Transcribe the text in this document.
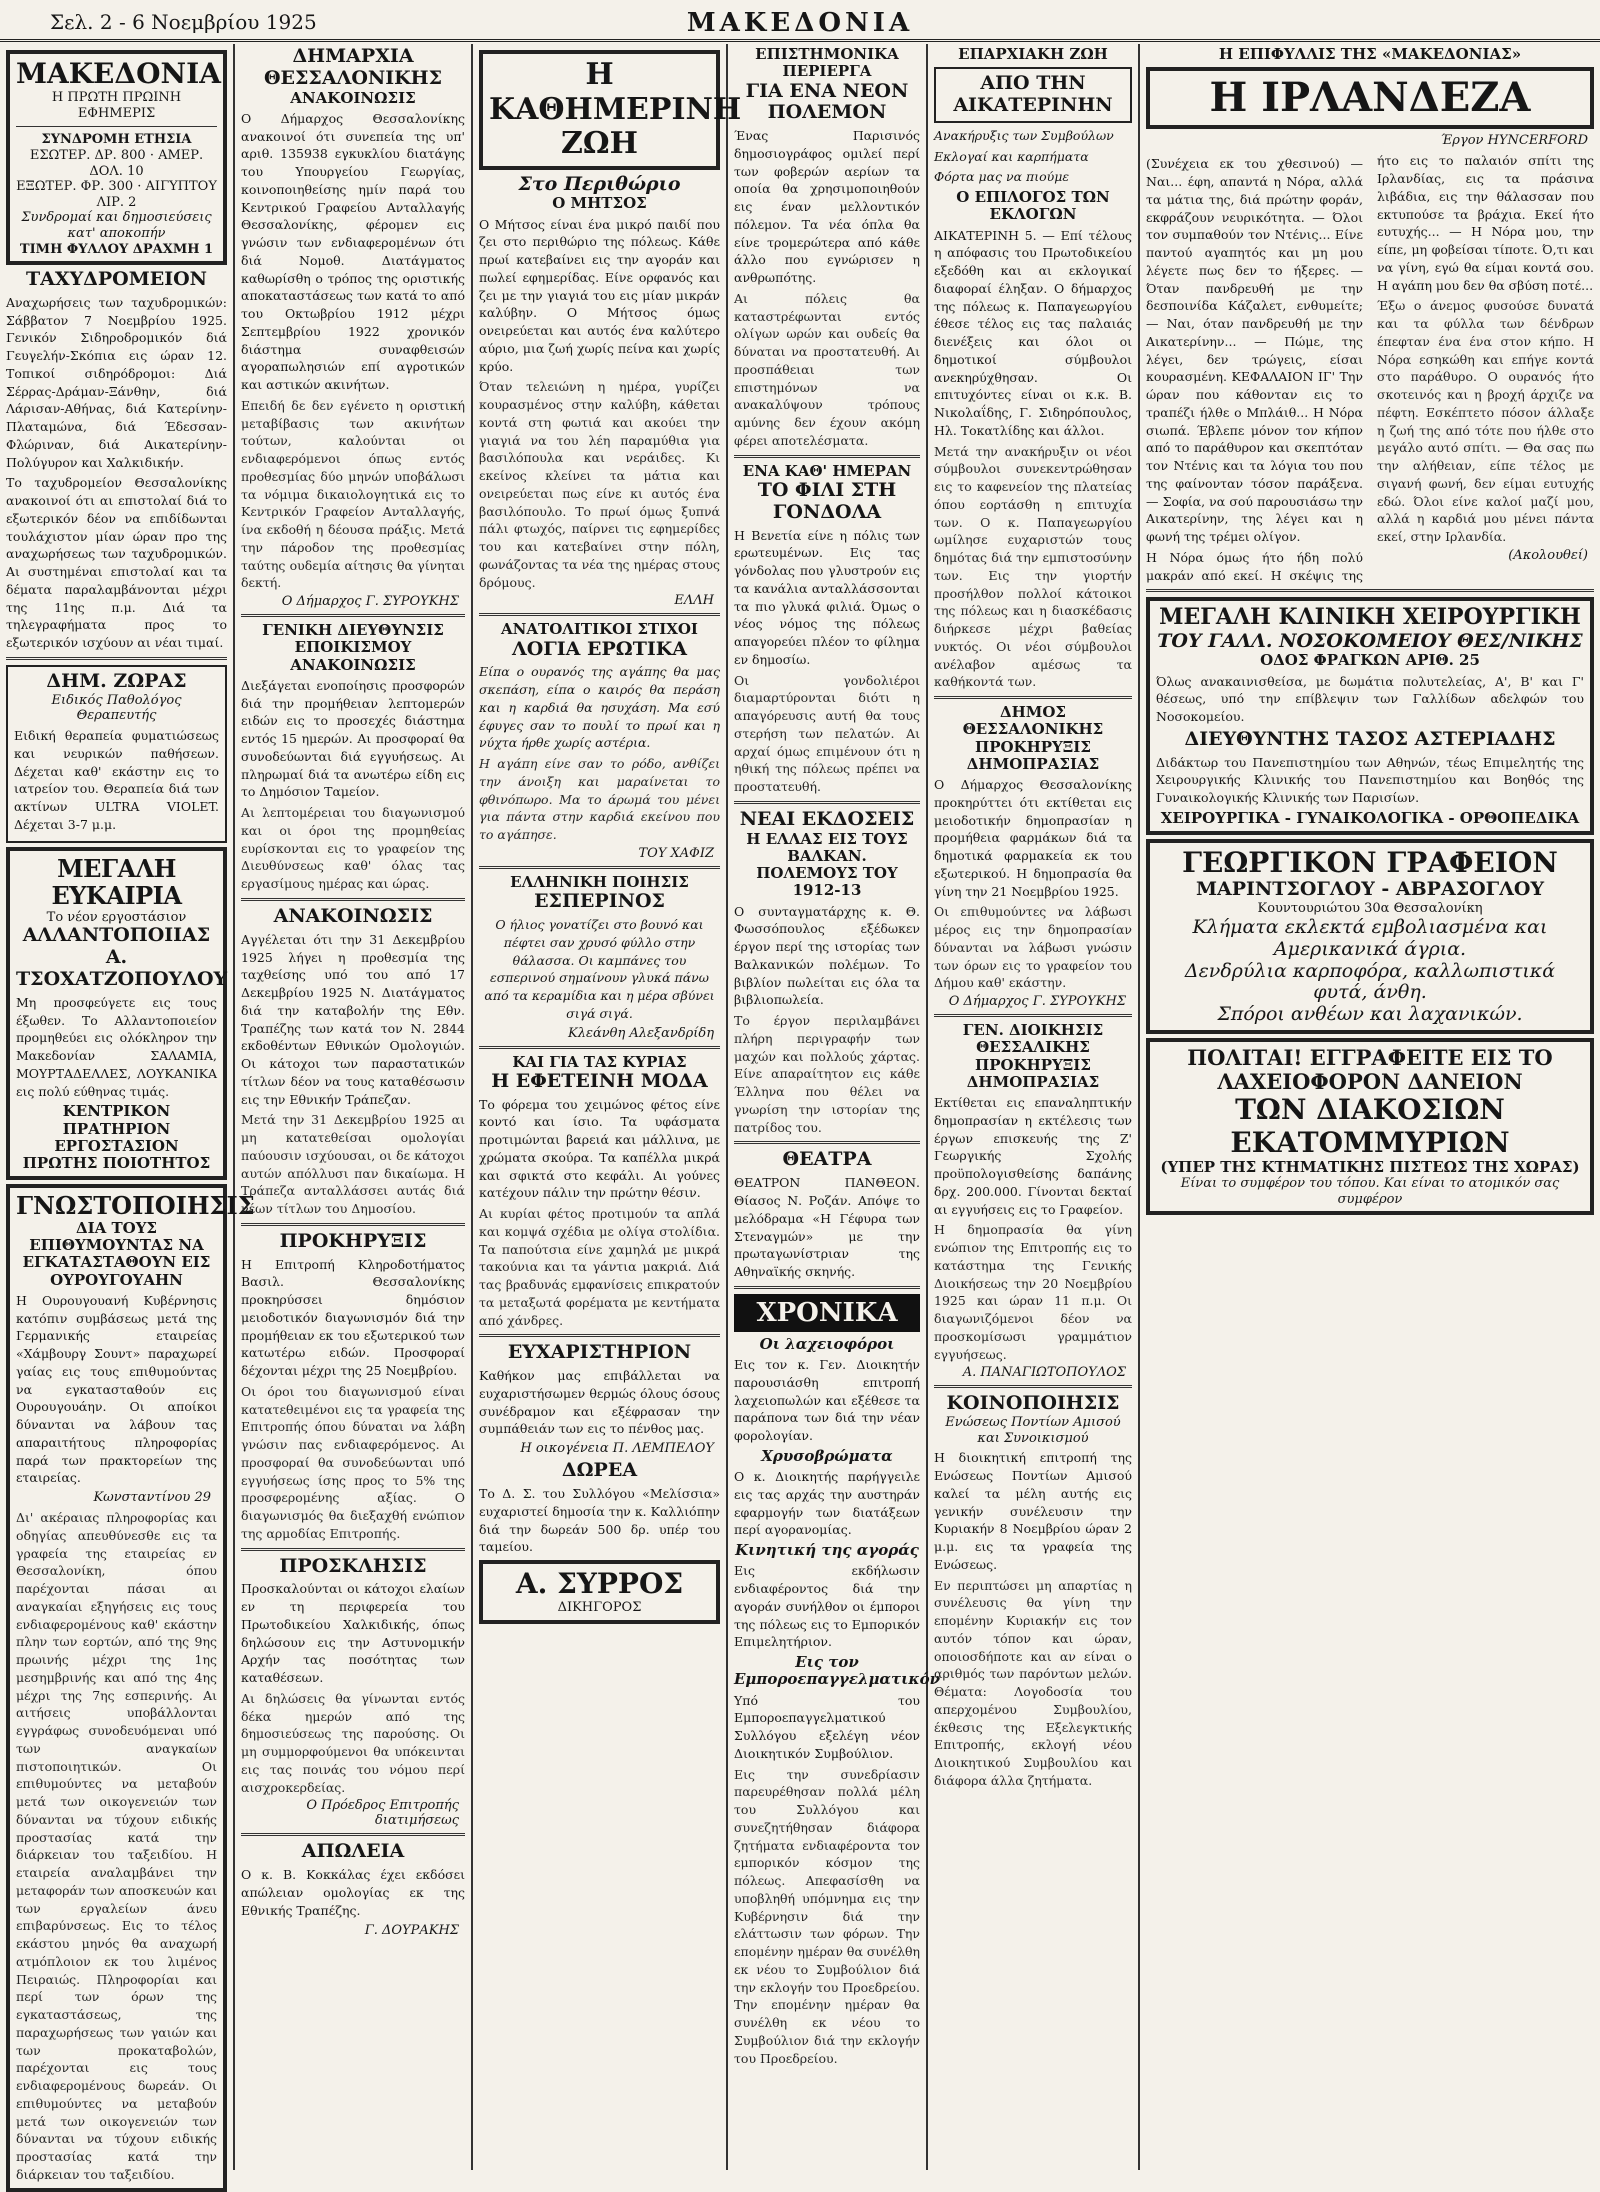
Σελ. 2 - 6 Νοεμβρίου 1925	ΜΑΚΕΔΟΝΙΑ
ΜΑΚΕΔΟΝΙΑ
Η ΠΡΩΤΗ ΠΡΩΙΝΗ ΕΦΗΜΕΡΙΣ
ΣΥΝΔΡΟΜΗ ΕΤΗΣΙΑ
ΕΣΩΤΕΡ. ΔΡ. 800 · ΑΜΕΡ. ΔΟΛ. 10
ΕΞΩΤΕΡ. ΦΡ. 300 · ΑΙΓΥΠΤΟΥ ΛΙΡ. 2
Συνδρομαί και δημοσιεύσεις κατ' αποκοπήν
ΤΙΜΗ ΦΥΛΛΟΥ ΔΡΑΧΜΗ 1
ΤΑΧΥΔΡΟΜΕΙΟΝ
Αναχωρήσεις των ταχυδρομικών: Σάββατον 7 Νοεμβρίου 1925. Γενικόν Σιδηροδρομικόν διά Γευγελήν-Σκόπια εις ώραν 12. Τοπικοί σιδηρόδρομοι: Διά Σέρρας-Δράμαν-Ξάνθην, διά Λάρισαν-Αθήνας, διά Κατερίνην-Πλαταμώνα, διά Έδεσσαν-Φλώριναν, διά Αικατερίνην-Πολύγυρον και Χαλκιδικήν.
Το ταχυδρομείον Θεσσαλονίκης ανακοινοί ότι αι επιστολαί διά το εξωτερικόν δέον να επιδίδωνται τουλάχιστον μίαν ώραν προ της αναχωρήσεως των ταχυδρομικών. Αι συστημέναι επιστολαί και τα δέματα παραλαμβάνονται μέχρι της 11ης π.μ. Διά τα τηλεγραφήματα προς το εξωτερικόν ισχύουν αι νέαι τιμαί.
ΔΗΜ. ΖΩΡΑΣ
Ειδικός Παθολόγος Θεραπευτής
Ειδική θεραπεία φυματιώσεως και νευρικών παθήσεων. Δέχεται καθ' εκάστην εις το ιατρείον του. Θεραπεία διά των ακτίνων ULTRA VIOLET. Δέχεται 3-7 μ.μ.
ΜΕΓΑΛΗ ΕΥΚΑΙΡΙΑ
Το νέον εργοστάσιον
ΑΛΛΑΝΤΟΠΟΙΙΑΣ Α. ΤΣΟΧΑΤΖΟΠΟΥΛΟΥ
Μη προσφεύγετε εις τους έξωθεν. Το Αλλαντοποιείον προμηθεύει εις ολόκληρον την Μακεδονίαν ΣΑΛΑΜΙΑ, ΜΟΥΡΤΑΔΕΛΛΕΣ, ΛΟΥΚΑΝΙΚΑ εις πολύ εύθηνας τιμάς.
ΚΕΝΤΡΙΚΟΝ ΠΡΑΤΗΡΙΟΝ
ΕΡΓΟΣΤΑΣΙΟΝ
ΠΡΩΤΗΣ ΠΟΙΟΤΗΤΟΣ
ΓΝΩΣΤΟΠΟΙΗΣΙΣ
ΔΙΑ ΤΟΥΣ ΕΠΙΘΥΜΟΥΝΤΑΣ ΝΑ ΕΓΚΑΤΑΣΤΑΘΟΥΝ ΕΙΣ ΟΥΡΟΥΓΟΥΑΗΝ
Η Ουρουγουανή Κυβέρνησις κατόπιν συμβάσεως μετά της Γερμανικής εταιρείας «Χάμβουργ Σουντ» παραχωρεί γαίας εις τους επιθυμούντας να εγκατασταθούν εις Ουρουγουάην. Οι αποίκοι δύνανται να λάβουν τας απαραιτήτους πληροφορίας παρά των πρακτορείων της εταιρείας.
Κωνσταντίνου 29
Δι' ακέραιας πληροφορίας και οδηγίας απευθύνεσθε εις τα γραφεία της εταιρείας εν Θεσσαλονίκη, όπου παρέχονται πάσαι αι αναγκαίαι εξηγήσεις εις τους ενδιαφερομένους καθ' εκάστην πλην των εορτών, από της 9ης πρωινής μέχρι της 1ης μεσημβρινής και από της 4ης μέχρι της 7ης εσπερινής. Αι αιτήσεις υποβάλλονται εγγράφως συνοδευόμεναι υπό των αναγκαίων πιστοποιητικών. Οι επιθυμούντες να μεταβούν μετά των οικογενειών των δύνανται να τύχουν ειδικής προστασίας κατά την διάρκειαν του ταξειδίου. Η εταιρεία αναλαμβάνει την μεταφοράν των αποσκευών και των εργαλείων άνευ επιβαρύνσεως. Εις το τέλος εκάστου μηνός θα αναχωρή ατμόπλοιον εκ του λιμένος Πειραιώς. Πληροφορίαι και περί των όρων της εγκαταστάσεως, της παραχωρήσεως των γαιών και των προκαταβολών, παρέχονται εις τους ενδιαφερομένους δωρεάν. Οι επιθυμούντες να μεταβούν μετά των οικογενειών των δύνανται να τύχουν ειδικής προστασίας κατά την διάρκειαν του ταξειδίου.
ΔΗΜΑΡΧΙΑ ΘΕΣΣΑΛΟΝΙΚΗΣ
ΑΝΑΚΟΙΝΩΣΙΣ
Ο Δήμαρχος Θεσσαλονίκης ανακοινοί ότι συνεπεία της υπ' αριθ. 135938 εγκυκλίου διατάγης του Υπουργείου Γεωργίας, κοινοποιηθείσης ημίν παρά του Κεντρικού Γραφείου Ανταλλαγής Θεσσαλονίκης, φέρομεν εις γνώσιν των ενδιαφερομένων ότι διά Νομοθ. Διατάγματος καθωρίσθη ο τρόπος της οριστικής αποκαταστάσεως των κατά το από του Οκτωβρίου 1912 μέχρι Σεπτεμβρίου 1922 χρονικόν διάστημα συναφθεισών αγοραπωλησιών επί αγροτικών και αστικών ακινήτων.
Επειδή δε δεν εγένετο η οριστική μεταβίβασις των ακινήτων τούτων, καλούνται οι ενδιαφερόμενοι όπως εντός προθεσμίας δύο μηνών υποβάλωσι τα νόμιμα δικαιολογητικά εις το Κεντρικόν Γραφείον Ανταλλαγής, ίνα εκδοθή η δέουσα πράξις. Μετά την πάροδον της προθεσμίας ταύτης ουδεμία αίτησις θα γίνηται δεκτή.
Ο Δήμαρχος Γ. ΣΥΡΟΥΚΗΣ
ΓΕΝΙΚΗ ΔΙΕΥΘΥΝΣΙΣ ΕΠΟΙΚΙΣΜΟΥ
ΑΝΑΚΟΙΝΩΣΙΣ
Διεξάγεται ενοποίησις προσφορών διά την προμήθειαν λεπτομερών ειδών εις το προσεχές διάστημα εντός 15 ημερών. Αι προσφοραί θα συνοδεύωνται διά εγγυήσεως. Αι πληρωμαί διά τα ανωτέρω είδη εις το Δημόσιον Ταμείον.
Αι λεπτομέρειαι του διαγωνισμού και οι όροι της προμηθείας ευρίσκονται εις το γραφείον της Διευθύνσεως καθ' όλας τας εργασίμους ημέρας και ώρας.
ΑΝΑΚΟΙΝΩΣΙΣ
Αγγέλεται ότι την 31 Δεκεμβρίου 1925 λήγει η προθεσμία της ταχθείσης υπό του από 17 Δεκεμβρίου 1925 Ν. Διατάγματος διά την καταβολήν της Εθν. Τραπέζης των κατά τον Ν. 2844 εκδοθέντων Εθνικών Ομολογιών. Οι κάτοχοι των παραστατικών τίτλων δέον να τους καταθέσωσιν εις την Εθνικήν Τράπεζαν.
Μετά την 31 Δεκεμβρίου 1925 αι μη κατατεθείσαι ομολογίαι παύουσιν ισχύουσαι, οι δε κάτοχοι αυτών απόλλυσι παν δικαίωμα. Η Τράπεζα ανταλλάσσει αυτάς διά νέων τίτλων του Δημοσίου.
ΠΡΟΚΗΡΥΞΙΣ
Η Επιτροπή Κληροδοτήματος Βασιλ. Θεσσαλονίκης προκηρύσσει δημόσιον μειοδοτικόν διαγωνισμόν διά την προμήθειαν εκ του εξωτερικού των κατωτέρω ειδών. Προσφοραί δέχονται μέχρι της 25 Νοεμβρίου.
Οι όροι του διαγωνισμού είναι κατατεθειμένοι εις τα γραφεία της Επιτροπής όπου δύναται να λάβη γνώσιν πας ενδιαφερόμενος. Αι προσφοραί θα συνοδεύωνται υπό εγγυήσεως ίσης προς το 5% της προσφερομένης αξίας. Ο διαγωνισμός θα διεξαχθή ενώπιον της αρμοδίας Επιτροπής.
ΠΡΟΣΚΛΗΣΙΣ
Προσκαλούνται οι κάτοχοι ελαίων εν τη περιφερεία του Πρωτοδικείου Χαλκιδικής, όπως δηλώσουν εις την Αστυνομικήν Αρχήν τας ποσότητας των καταθέσεων.
Αι δηλώσεις θα γίνωνται εντός δέκα ημερών από της δημοσιεύσεως της παρούσης. Οι μη συμμορφούμενοι θα υπόκεινται εις τας ποινάς του νόμου περί αισχροκερδείας.
Ο Πρόεδρος Επιτροπής διατιμήσεως
ΑΠΩΛΕΙΑ
Ο κ. Β. Κοκκάλας έχει εκδόσει απώλειαν ομολογίας εκ της Εθνικής Τραπέζης.
Γ. ΔΟΥΡΑΚΗΣ
Η ΚΑΘΗΜΕΡΙΝΗ ΖΩΗ
Στο Περιθώριο
Ο ΜΗΤΣΟΣ
Ο Μήτσος είναι ένα μικρό παιδί που ζει στο περιθώριο της πόλεως. Κάθε πρωί κατεβαίνει εις την αγοράν και πωλεί εφημερίδας. Είνε ορφανός και ζει με την γιαγιά του εις μίαν μικράν καλύβην. Ο Μήτσος όμως ονειρεύεται και αυτός ένα καλύτερο αύριο, μια ζωή χωρίς πείνα και χωρίς κρύο.
Όταν τελειώνη η ημέρα, γυρίζει κουρασμένος στην καλύβη, κάθεται κοντά στη φωτιά και ακούει την γιαγιά να του λέη παραμύθια για βασιλόπουλα και νεράιδες. Κι εκείνος κλείνει τα μάτια και ονειρεύεται πως είνε κι αυτός ένα βασιλόπουλο. Το πρωί όμως ξυπνά πάλι φτωχός, παίρνει τις εφημερίδες του και κατεβαίνει στην πόλη, φωνάζοντας τα νέα της ημέρας στους δρόμους.
ΕΛΛΗ
ΑΝΑΤΟΛΙΤΙΚΟΙ ΣΤΙΧΟΙ
ΛΟΓΙΑ ΕΡΩΤΙΚΑ
Είπα ο ουρανός της αγάπης θα μας σκεπάση, είπα ο καιρός θα περάση και η καρδιά θα ησυχάση. Μα εσύ έφυγες σαν το πουλί το πρωί και η νύχτα ήρθε χωρίς αστέρια.
Η αγάπη είνε σαν το ρόδο, ανθίζει την άνοιξη και μαραίνεται το φθινόπωρο. Μα το άρωμά του μένει για πάντα στην καρδιά εκείνου που το αγάπησε.
ΤΟΥ ΧΑΦΙΖ
ΕΛΛΗΝΙΚΗ ΠΟΙΗΣΙΣ
ΕΣΠΕΡΙΝΟΣ
Ο ήλιος γονατίζει στο βουνό και πέφτει σαν χρυσό φύλλο στην θάλασσα. Οι καμπάνες του εσπερινού σημαίνουν γλυκά πάνω από τα κεραμίδια και η μέρα σβύνει σιγά σιγά.
Κλεάνθη Αλεξανδρίδη
ΚΑΙ ΓΙΑ ΤΑΣ ΚΥΡΙΑΣ
Η ΕΦΕΤΕΙΝΗ ΜΟΔΑ
Το φόρεμα του χειμώνος φέτος είνε κοντό και ίσιο. Τα υφάσματα προτιμώνται βαρειά και μάλλινα, με χρώματα σκούρα. Τα καπέλλα μικρά και σφικτά στο κεφάλι. Αι γούνες κατέχουν πάλιν την πρώτην θέσιν.
Αι κυρίαι φέτος προτιμούν τα απλά και κομψά σχέδια με ολίγα στολίδια. Τα παπούτσια είνε χαμηλά με μικρά τακούνια και τα γάντια μακριά. Διά τας βραδυνάς εμφανίσεις επικρατούν τα μεταξωτά φορέματα με κεντήματα από χάνδρες.
ΕΥΧΑΡΙΣΤΗΡΙΟΝ
Καθήκον μας επιβάλλεται να ευχαριστήσωμεν θερμώς όλους όσους συνέδραμον και εξέφρασαν την συμπάθειάν των εις το πένθος μας.
Η οικογένεια Π. ΛΕΜΠΕΛΟΥ
ΔΩΡΕΑ
Το Δ. Σ. του Συλλόγου «Μελίσσια» ευχαριστεί δημοσία την κ. Καλλιόπην διά την δωρεάν 500 δρ. υπέρ του ταμείου.
Α. ΣΥΡΡΟΣ
ΔΙΚΗΓΟΡΟΣ
ΕΠΙΣΤΗΜΟΝΙΚΑ ΠΕΡΙΕΡΓΑ
ΓΙΑ ΕΝΑ ΝΕΟΝ ΠΟΛΕΜΟΝ
Ένας Παρισινός δημοσιογράφος ομιλεί περί των φοβερών αερίων τα οποία θα χρησιμοποιηθούν εις έναν μελλοντικόν πόλεμον. Τα νέα όπλα θα είνε τρομερώτερα από κάθε άλλο που εγνώρισεν η ανθρωπότης.
Αι πόλεις θα καταστρέφωνται εντός ολίγων ωρών και ουδείς θα δύναται να προστατευθή. Αι προσπάθειαι των επιστημόνων να ανακαλύψουν τρόπους αμύνης δεν έχουν ακόμη φέρει αποτελέσματα.
ΕΝΑ ΚΑΘ' ΗΜΕΡΑΝ
ΤΟ ΦΙΛΙ ΣΤΗ ΓΟΝΔΟΛΑ
Η Βενετία είνε η πόλις των ερωτευμένων. Εις τας γόνδολας που γλυστρούν εις τα κανάλια ανταλλάσσονται τα πιο γλυκά φιλιά. Όμως ο νέος νόμος της πόλεως απαγορεύει πλέον το φίλημα εν δημοσίω.
Οι γονδολιέροι διαμαρτύρονται διότι η απαγόρευσις αυτή θα τους στερήση των πελατών. Αι αρχαί όμως επιμένουν ότι η ηθική της πόλεως πρέπει να προστατευθή.
ΝΕΑΙ ΕΚΔΟΣΕΙΣ
Η ΕΛΛΑΣ ΕΙΣ ΤΟΥΣ ΒΑΛΚΑΝ. ΠΟΛΕΜΟΥΣ ΤΟΥ 1912-13
Ο συνταγματάρχης κ. Θ. Φωσσόπουλος εξέδωκεν έργον περί της ιστορίας των Βαλκανικών πολέμων. Το βιβλίον πωλείται εις όλα τα βιβλιοπωλεία.
Το έργον περιλαμβάνει πλήρη περιγραφήν των μαχών και πολλούς χάρτας. Είνε απαραίτητον εις κάθε Έλληνα που θέλει να γνωρίση την ιστορίαν της πατρίδος του.
ΘΕΑΤΡΑ
ΘΕΑΤΡΟΝ ΠΑΝΘΕΟΝ. Θίασος Ν. Ροζάν. Απόψε το μελόδραμα «Η Γέφυρα των Στεναγμών» με την πρωταγωνίστριαν της Αθηναϊκής σκηνής.
ΧΡΟΝΙΚΑ
Οι λαχειοφόροι
Εις τον κ. Γεν. Διοικητήν παρουσιάσθη επιτροπή λαχειοπωλών και εξέθεσε τα παράπονα των διά την νέαν φορολογίαν.
Χρυσοβρώματα
Ο κ. Διοικητής παρήγγειλε εις τας αρχάς την αυστηράν εφαρμογήν των διατάξεων περί αγορανομίας.
Κινητική της αγοράς
Εις εκδήλωσιν ενδιαφέροντος διά την αγοράν συνήλθον οι έμποροι της πόλεως εις το Εμπορικόν Επιμελητήριον.
Εις τον Εμποροεπαγγελματικόν
Υπό του Εμποροεπαγγελματικού Συλλόγου εξελέγη νέον Διοικητικόν Συμβούλιον.
Εις την συνεδρίασιν παρευρέθησαν πολλά μέλη του Συλλόγου και συνεζητήθησαν διάφορα ζητήματα ενδιαφέροντα τον εμπορικόν κόσμον της πόλεως. Απεφασίσθη να υποβληθή υπόμνημα εις την Κυβέρνησιν διά την ελάττωσιν των φόρων. Την επομένην ημέραν θα συνέλθη εκ νέου το Συμβούλιον διά την εκλογήν του Προεδρείου. Την επομένην ημέραν θα συνέλθη εκ νέου το Συμβούλιον διά την εκλογήν του Προεδρείου.
ΕΠΑΡΧΙΑΚΗ ΖΩΗ
ΑΠΟ ΤΗΝ ΑΙΚΑΤΕΡΙΝΗΝ
Ανακήρυξις των Συμβούλων
Εκλογαί και καρπήματα
Φόρτα μας να πιούμε
Ο ΕΠΙΛΟΓΟΣ ΤΩΝ ΕΚΛΟΓΩΝ
ΑΙΚΑΤΕΡΙΝΗ 5. — Επί τέλους η απόφασις του Πρωτοδικείου εξεδόθη και αι εκλογικαί διαφοραί έληξαν. Ο δήμαρχος της πόλεως κ. Παπαγεωργίου έθεσε τέλος εις τας παλαιάς διενέξεις και όλοι οι δημοτικοί σύμβουλοι ανεκηρύχθησαν. Οι επιτυχόντες είναι οι κ.κ. Β. Νικολαΐδης, Γ. Σιδηρόπουλος, Ηλ. Τοκατλίδης και άλλοι.
Μετά την ανακήρυξιν οι νέοι σύμβουλοι συνεκεντρώθησαν εις το καφενείον της πλατείας όπου εορτάσθη η επιτυχία των. Ο κ. Παπαγεωργίου ωμίλησε ευχαριστών τους δημότας διά την εμπιστοσύνην των. Εις την γιορτήν προσήλθον πολλοί κάτοικοι της πόλεως και η διασκέδασις διήρκεσε μέχρι βαθείας νυκτός. Οι νέοι σύμβουλοι ανέλαβον αμέσως τα καθήκοντά των.
ΔΗΜΟΣ ΘΕΣΣΑΛΟΝΙΚΗΣ
ΠΡΟΚΗΡΥΞΙΣ ΔΗΜΟΠΡΑΣΙΑΣ
Ο Δήμαρχος Θεσσαλονίκης προκηρύττει ότι εκτίθεται εις μειοδοτικήν δημοπρασίαν η προμήθεια φαρμάκων διά τα δημοτικά φαρμακεία εκ του εξωτερικού. Η δημοπρασία θα γίνη την 21 Νοεμβρίου 1925.
Οι επιθυμούντες να λάβωσι μέρος εις την δημοπρασίαν δύνανται να λάβωσι γνώσιν των όρων εις το γραφείον του Δήμου καθ' εκάστην.
Ο Δήμαρχος Γ. ΣΥΡΟΥΚΗΣ
ΓΕΝ. ΔΙΟΙΚΗΣΙΣ ΘΕΣΣΑΛΙΚΗΣ
ΠΡΟΚΗΡΥΞΙΣ ΔΗΜΟΠΡΑΣΙΑΣ
Εκτίθεται εις επαναληπτικήν δημοπρασίαν η εκτέλεσις των έργων επισκευής της Ζ' Γεωργικής Σχολής προϋπολογισθείσης δαπάνης δρχ. 200.000. Γίνονται δεκταί αι εγγυήσεις εις το Γραφείον.
Η δημοπρασία θα γίνη ενώπιον της Επιτροπής εις το κατάστημα της Γενικής Διοικήσεως την 20 Νοεμβρίου 1925 και ώραν 11 π.μ. Οι διαγωνιζόμενοι δέον να προσκομίσωσι γραμμάτιον εγγυήσεως.
Α. ΠΑΝΑΓΙΩΤΟΠΟΥΛΟΣ
ΚΟΙΝΟΠΟΙΗΣΙΣ
Ενώσεως Ποντίων Αμισού και Συνοικισμού
Η διοικητική επιτροπή της Ενώσεως Ποντίων Αμισού καλεί τα μέλη αυτής εις γενικήν συνέλευσιν την Κυριακήν 8 Νοεμβρίου ώραν 2 μ.μ. εις τα γραφεία της Ενώσεως.
Εν περιπτώσει μη απαρτίας η συνέλευσις θα γίνη την επομένην Κυριακήν εις τον αυτόν τόπον και ώραν, οποιοσδήποτε και αν είναι ο αριθμός των παρόντων μελών. Θέματα: Λογοδοσία του απερχομένου Συμβουλίου, έκθεσις της Εξελεγκτικής Επιτροπής, εκλογή νέου Διοικητικού Συμβουλίου και διάφορα άλλα ζητήματα.
Η ΕΠΙΦΥΛΛΙΣ ΤΗΣ «ΜΑΚΕΔΟΝΙΑΣ»
Η ΙΡΛΑΝΔΕΖΑ
Έργον HYNCERFORD
(Συνέχεια εκ του χθεσινού) — Ναι... έφη, απαντά η Νόρα, αλλά τα μάτια της, διά πρώτην φοράν, εκφράζουν νευρικότητα. — Όλοι τον συμπαθούν τον Ντένις... Είνε παντού αγαπητός και μη μου λέγετε πως δεν το ήξερες. — Όταν πανδρευθή με την δεσποινίδα Κάζαλετ, ενθυμείτε; — Ναι, όταν πανδρευθή με την Αικατερίνην... — Πώμε, της λέγει, δεν τρώγεις, είσαι κουρασμένη. ΚΕΦΑΛΑΙΟΝ ΙΓ' Την ώραν που κάθονταν εις το τραπέζι ήλθε ο Μπλάιθ... Η Νόρα σιωπά. Έβλεπε μόνον τον κήπον από το παράθυρον και σκεπτόταν τον Ντένις και τα λόγια του που της φαίνονταν τόσον παράξενα. — Σοφία, να σού παρουσιάσω την Αικατερίνην, της λέγει και η φωνή της τρέμει ολίγον.
Η Νόρα όμως ήτο ήδη πολύ μακράν από εκεί. Η σκέψις της ήτο εις το παλαιόν σπίτι της Ιρλανδίας, εις τα πράσινα λιβάδια, εις την θάλασσαν που εκτυπούσε τα βράχια. Εκεί ήτο ευτυχής... — Η Νόρα μου, την είπε, μη φοβείσαι τίποτε. Ό,τι και να γίνη, εγώ θα είμαι κοντά σου. Η αγάπη μου δεν θα σβύση ποτέ...
Έξω ο άνεμος φυσούσε δυνατά και τα φύλλα των δένδρων έπεφταν ένα ένα στον κήπο. Η Νόρα εσηκώθη και επήγε κοντά στο παράθυρο. Ο ουρανός ήτο σκοτεινός και η βροχή άρχιζε να πέφτη. Εσκέπτετο πόσον άλλαξε η ζωή της από τότε που ήλθε στο μεγάλο αυτό σπίτι. — Θα σας πω την αλήθειαν, είπε τέλος με σιγανή φωνή, δεν είμαι ευτυχής εδώ. Όλοι είνε καλοί μαζί μου, αλλά η καρδιά μου μένει πάντα εκεί, στην Ιρλανδία.
(Ακολουθεί)
ΜΕΓΑΛΗ ΚΛΙΝΙΚΗ ΧΕΙΡΟΥΡΓΙΚΗ
ΤΟΥ ΓΑΛΛ. ΝΟΣΟΚΟΜΕΙΟΥ ΘΕΣ/ΝΙΚΗΣ
ΟΔΟΣ ΦΡΑΓΚΩΝ ΑΡΙΘ. 25
Όλως ανακαινισθείσα, με δωμάτια πολυτελείας, Α', Β' και Γ' θέσεως, υπό την επίβλεψιν των Γαλλίδων αδελφών του Νοσοκομείου.
ΔΙΕΥΘΥΝΤΗΣ ΤΑΣΟΣ ΑΣΤΕΡΙΑΔΗΣ
Διδάκτωρ του Πανεπιστημίου των Αθηνών, τέως Επιμελητής της Χειρουργικής Κλινικής του Πανεπιστημίου και Βοηθός της Γυναικολογικής Κλινικής των Παρισίων.
ΧΕΙΡΟΥΡΓΙΚΑ - ΓΥΝΑΙΚΟΛΟΓΙΚΑ - ΟΡΘΟΠΕΔΙΚΑ
ΓΕΩΡΓΙΚΟΝ ΓΡΑΦΕΙΟΝ
ΜΑΡΙΝΤΣΟΓΛΟΥ - ΑΒΡΑΣΟΓΛΟΥ
Κουντουριώτου 30α Θεσσαλονίκη
Κλήματα εκλεκτά εμβολιασμένα και Αμερικανικά άγρια.
Δενδρύλια καρποφόρα, καλλωπιστικά φυτά, άνθη.
Σπόροι ανθέων και λαχανικών.
ΠΟΛΙΤΑΙ! ΕΓΓΡΑΦΕΙΤΕ ΕΙΣ ΤΟ ΛΑΧΕΙΟΦΟΡΟΝ ΔΑΝΕΙΟΝ
ΤΩΝ ΔΙΑΚΟΣΙΩΝ ΕΚΑΤΟΜΜΥΡΙΩΝ
(ΥΠΕΡ ΤΗΣ ΚΤΗΜΑΤΙΚΗΣ ΠΙΣΤΕΩΣ ΤΗΣ ΧΩΡΑΣ)
Είναι το συμφέρον του τόπου. Και είναι το ατομικόν σας συμφέρον
